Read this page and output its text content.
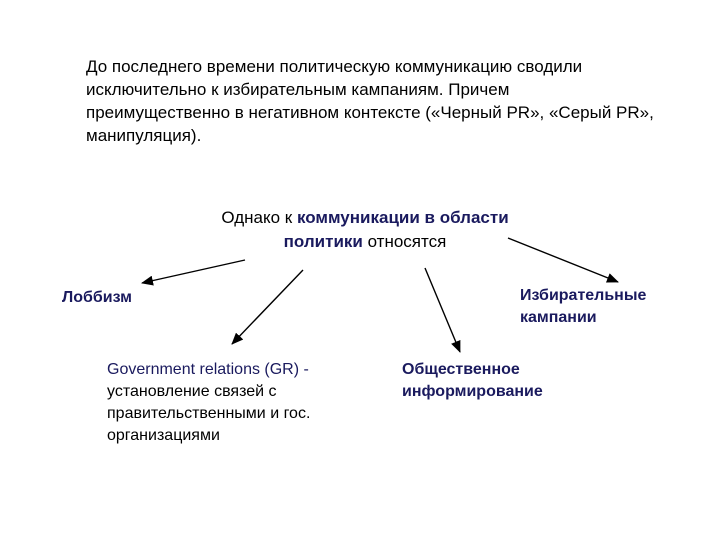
До последнего времени политическую коммуникацию сводили исключительно к избирательным кампаниям. Причем преимущественно в негативном контексте («Черный PR», «Серый PR», манипуляция).
Однако к коммуникации в области политики относятся
Лоббизм	Избирательные кампании
Government relations (GR) -
установление связей с правительственными и гос. организациями
Общественное информирование
